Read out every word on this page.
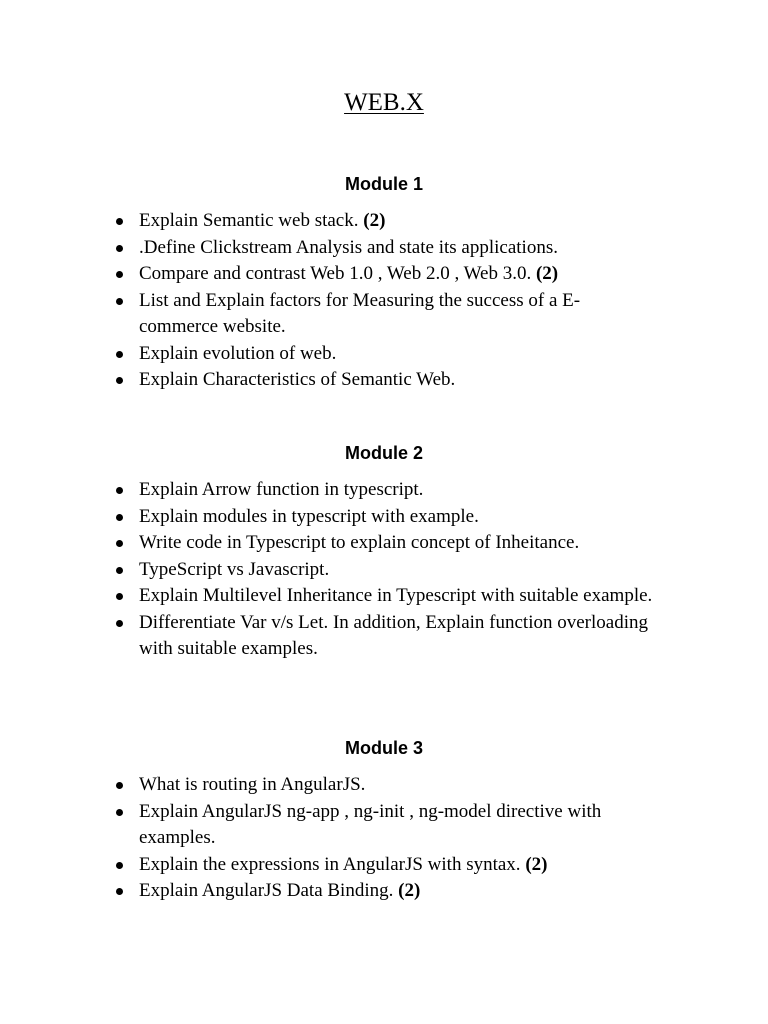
WEB.X
Module 1
Explain Semantic web stack. (2)
.Define Clickstream Analysis and state its applications.
Compare and contrast Web 1.0 , Web 2.0 , Web 3.0. (2)
List and Explain factors for Measuring the success of a E-commerce website.
Explain evolution of web.
Explain Characteristics of Semantic Web.
Module 2
Explain Arrow function in typescript.
Explain modules in typescript with example.
Write code in Typescript to explain concept of Inheitance.
TypeScript vs Javascript.
Explain Multilevel Inheritance in Typescript with suitable example.
Differentiate Var v/s Let. In addition, Explain function overloading with suitable examples.
Module 3
What is routing in AngularJS.
Explain AngularJS ng-app , ng-init , ng-model directive with examples.
Explain the expressions in AngularJS with syntax. (2)
Explain AngularJS Data Binding. (2)
